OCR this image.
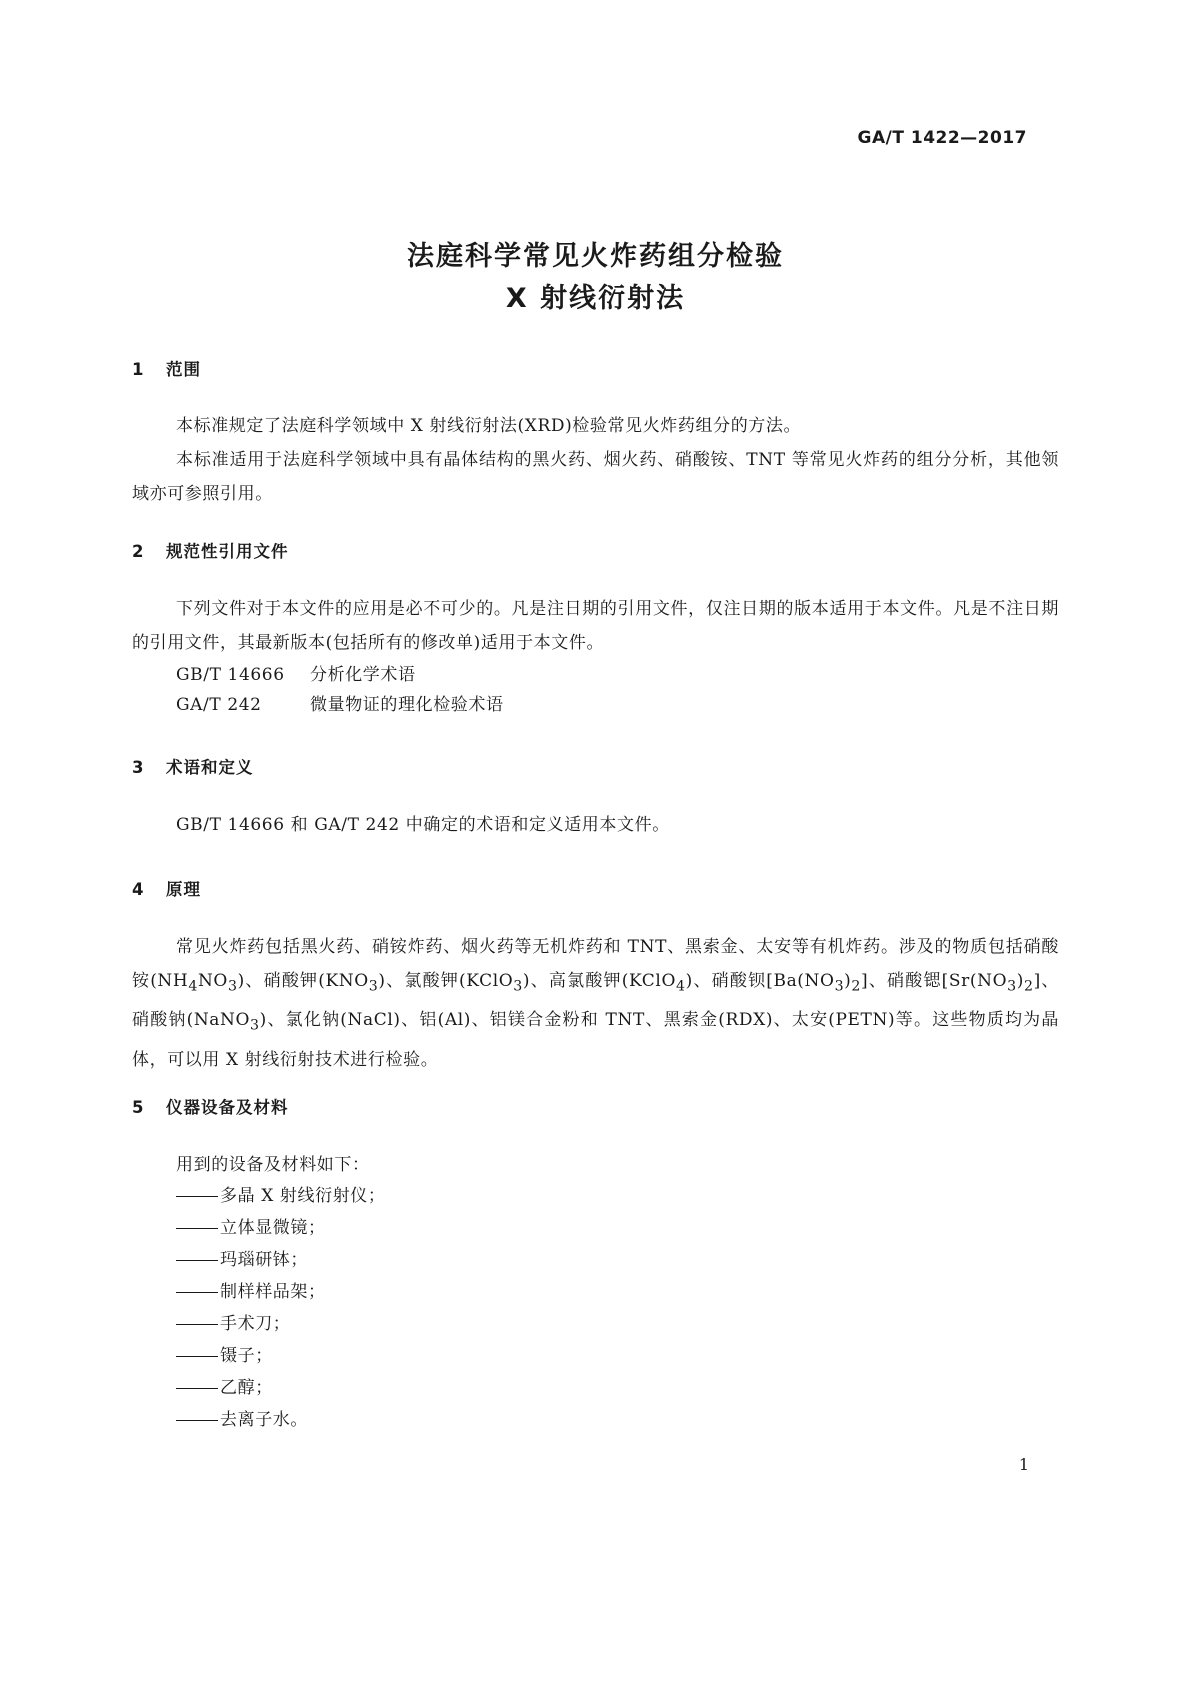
GA/T 1422—2017
法庭科学常见火炸药组分检验
X 射线衍射法
1 范围
本标准规定了法庭科学领域中 X 射线衍射法(XRD)检验常见火炸药组分的方法。
本标准适用于法庭科学领域中具有晶体结构的黑火药、烟火药、硝酸铵、TNT 等常见火炸药的组分分析，其他领域亦可参照引用。
2 规范性引用文件
下列文件对于本文件的应用是必不可少的。凡是注日期的引用文件，仅注日期的版本适用于本文件。凡是不注日期的引用文件，其最新版本(包括所有的修改单)适用于本文件。
GB/T 14666 分析化学术语
GA/T 242	微量物证的理化检验术语
3 术语和定义
GB/T 14666 和 GA/T 242 中确定的术语和定义适用本文件。
4 原理
常见火炸药包括黑火药、硝铵炸药、烟火药等无机炸药和 TNT、黑索金、太安等有机炸药。涉及的物质包括硝酸铵$(NH_4NO_3)$、硝酸钾$(KNO_3)$、氯酸钾(KClO$_3$)、高氯酸钾(KClO$_4$)、硝酸钡$[Ba(NO_3)_2]$、硝酸锶$[Sr(NO_3)_2]$、硝酸钠(NaNO$_3$)、氯化钠(NaCl)、铝(Al)、铝镁合金粉和 TNT、黑索金(RDX)、太安(PETN)等。这些物质均为晶体，可以用 X 射线衍射技术进行检验。
5 仪器设备及材料
用到的设备及材料如下：
多晶 X 射线衍射仪；
立体显微镜；
玛瑙研钵；
制样样品架；
手术刀；
镊子；
乙醇；
去离子水。
1
